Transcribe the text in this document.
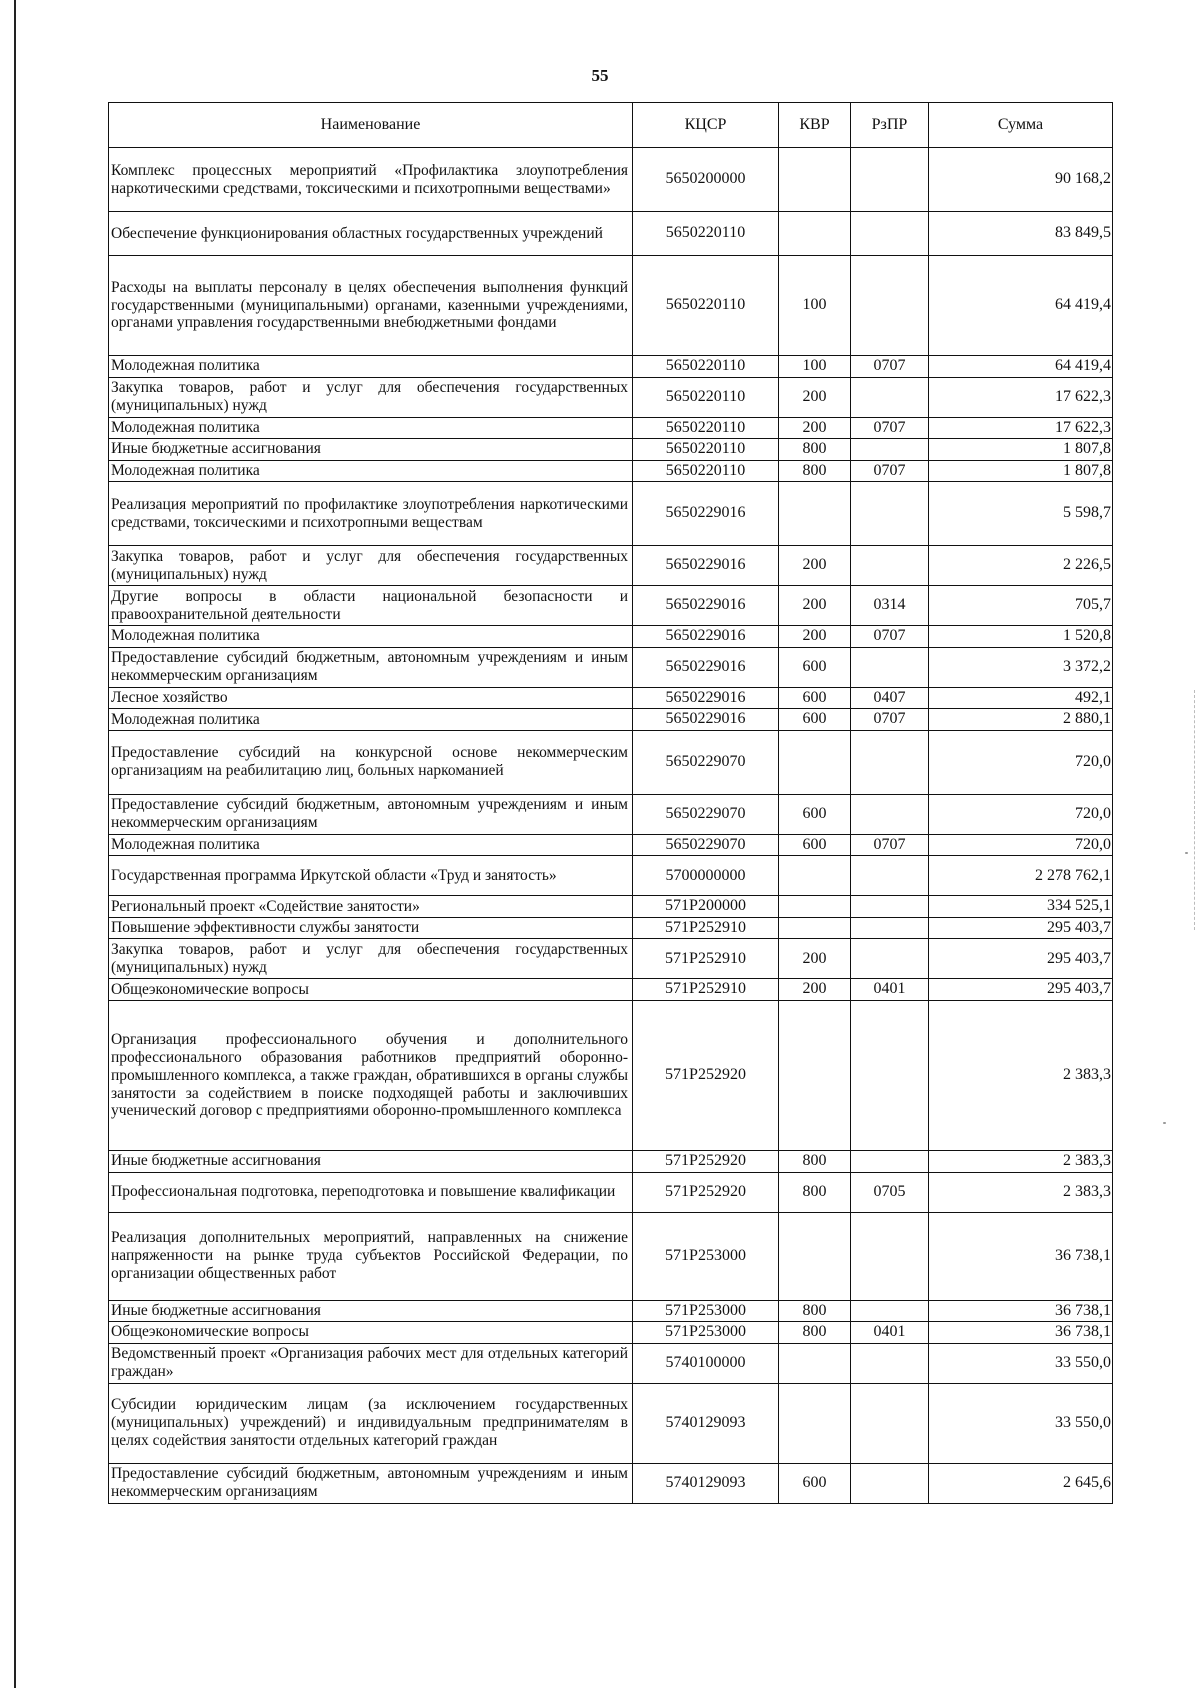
55
Наименование	КЦСР	КВР	РзПР	Сумма
Комплекс процессных мероприятий «Профилактика злоупотребления наркотическими средствами, токсическими и психотропными веществами»	5650200000			90 168,2
Обеспечение функционирования областных государственных учреждений	5650220110			83 849,5
Расходы на выплаты персоналу в целях обеспечения выполнения функций государственными (муниципальными) органами, казенными учреждениями, органами управления государственными внебюджетными фондами	5650220110	100		64 419,4
Молодежная политика	5650220110	100	0707	64 419,4
Закупка товаров, работ и услуг для обеспечения государственных (муниципальных) нужд	5650220110	200		17 622,3
Молодежная политика	5650220110	200	0707	17 622,3
Иные бюджетные ассигнования	5650220110	800		1 807,8
Молодежная политика	5650220110	800	0707	1 807,8
Реализация мероприятий по профилактике злоупотребления наркотическими средствами, токсическими и психотропными веществам	5650229016			5 598,7
Закупка товаров, работ и услуг для обеспечения государственных (муниципальных) нужд	5650229016	200		2 226,5
Другие вопросы в области национальной безопасности и правоохранительной деятельности	5650229016	200	0314	705,7
Молодежная политика	5650229016	200	0707	1 520,8
Предоставление субсидий бюджетным, автономным учреждениям и иным некоммерческим организациям	5650229016	600		3 372,2
Лесное хозяйство	5650229016	600	0407	492,1
Молодежная политика	5650229016	600	0707	2 880,1
Предоставление субсидий на конкурсной основе некоммерческим организациям на реабилитацию лиц, больных наркоманией	5650229070			720,0
Предоставление субсидий бюджетным, автономным учреждениям и иным некоммерческим организациям	5650229070	600		720,0
Молодежная политика	5650229070	600	0707	720,0
Государственная программа Иркутской области «Труд и занятость»	5700000000			2 278 762,1
Региональный проект «Содействие занятости»	571P200000			334 525,1
Повышение эффективности службы занятости	571P252910			295 403,7
Закупка товаров, работ и услуг для обеспечения государственных (муниципальных) нужд	571P252910	200		295 403,7
Общеэкономические вопросы	571P252910	200	0401	295 403,7
Организация профессионального обучения и дополнительного профессионального образования работников предприятий оборонно-промышленного комплекса, а также граждан, обратившихся в органы службы занятости за содействием в поиске подходящей работы и заключивших ученический договор с предприятиями оборонно-промышленного комплекса	571P252920			2 383,3
Иные бюджетные ассигнования	571P252920	800		2 383,3
Профессиональная подготовка, переподготовка и повышение квалификации	571P252920	800	0705	2 383,3
Реализация дополнительных мероприятий, направленных на снижение напряженности на рынке труда субъектов Российской Федерации, по организации общественных работ	571P253000			36 738,1
Иные бюджетные ассигнования	571P253000	800		36 738,1
Общеэкономические вопросы	571P253000	800	0401	36 738,1
Ведомственный проект «Организация рабочих мест для отдельных категорий граждан»	5740100000			33 550,0
Субсидии юридическим лицам (за исключением государственных (муниципальных) учреждений) и индивидуальным предпринимателям в целях содействия занятости отдельных категорий граждан	5740129093			33 550,0
Предоставление субсидий бюджетным, автономным учреждениям и иным некоммерческим организациям	5740129093	600		2 645,6
